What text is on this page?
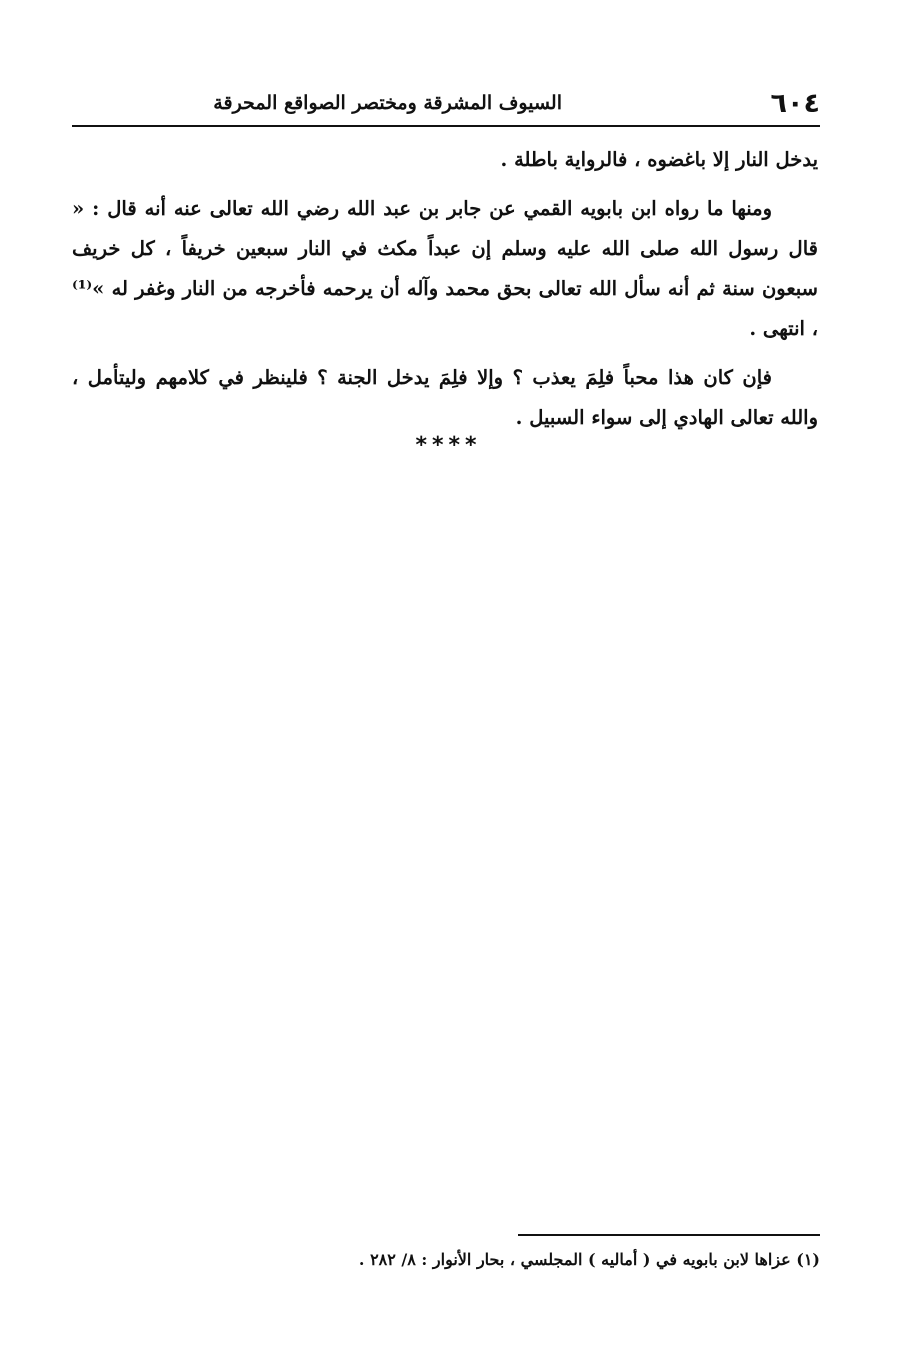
٦٠٤
السيوف المشرقة ومختصر الصواقع المحرقة

يدخل النار إلا باغضوه ، فالرواية باطلة .

ومنها ما رواه ابن بابويه القمي عن جابر بن عبد الله رضي الله تعالى عنه أنه قال : « قال رسول الله صلى الله عليه وسلم إن عبداً مكث في النار سبعين خريفاً ، كل خريف سبعون سنة ثم أنه سأل الله تعالى بحق محمد وآله أن يرحمه فأخرجه من النار وغفر له »⁽¹⁾ ، انتهى .

فإن كان هذا محباً فلِمَ يعذب ؟ وإلا فلِمَ يدخل الجنة ؟ فلينظر في كلامهم وليتأمل ، والله تعالى الهادي إلى سواء السبيل .

****
(١) عزاها لابن بابويه في ( أماليه ) المجلسي ، بحار الأنوار : ٨/ ٢٨٢ .
